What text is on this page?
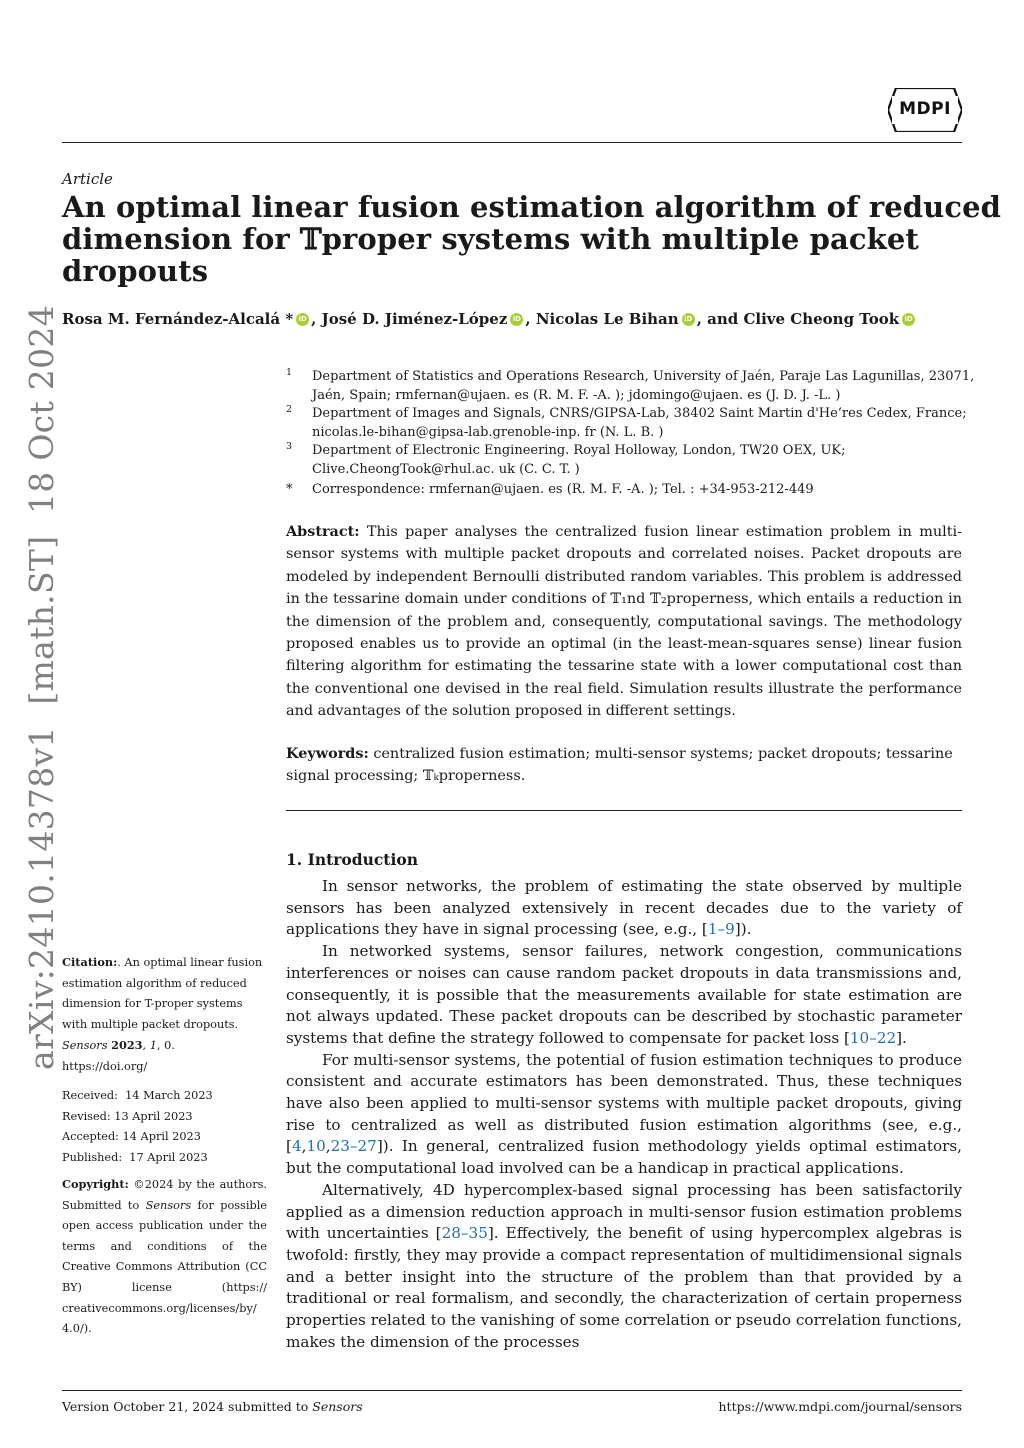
MDPI
Article
An optimal linear fusion estimation algorithm of reduced
dimension for 𝕋proper systems with multiple packet
dropouts
Rosa M. Fernández-Alcalá * iD , José D. Jiménez-López iD , Nicolas Le Bihan iD , and Clive Cheong Took iD
1 Department of Statistics and Operations Research, University of Jaén, Paraje Las Lagunillas, 23071,

Jaén, Spain; rmfernan@ujaen. es (R. M. F. -A. ); jdomingo@ujaen. es (J. D. J. -L. )

2 Department of Images and Signals, CNRS/GIPSA-Lab, 38402 Saint Martin d'He‘res Cedex, France;

nicolas.le-bihan@gipsa-lab.grenoble-inp. fr (N. L. B. )

3 Department of Electronic Engineering. Royal Holloway, London, TW20 OEX, UK;

Clive.CheongTook@rhul.ac. uk (C. C. T. )

* Correspondence: rmfernan@ujaen. es (R. M. F. -A. ); Tel. : +34-953-212-449

Abstract: This paper analyses the centralized fusion linear estimation problem in multi-sensor systems with multiple packet dropouts and correlated noises. Packet dropouts are modeled by independent Bernoulli distributed random variables. This problem is addressed in the tessarine domain under conditions of 𝕋₁nd 𝕋₂properness, which entails a reduction in the dimension of the problem and, consequently, computational savings. The methodology proposed enables us to provide an optimal (in the least-mean-squares sense) linear fusion filtering algorithm for estimating the tessarine state with a lower computational cost than the conventional one devised in the real field. Simulation results illustrate the performance and advantages of the solution proposed in different settings.

Keywords: centralized fusion estimation; multi-sensor systems; packet dropouts; tessarine signal processing; 𝕋ₖproperness.

1. Introduction

In sensor networks, the problem of estimating the state observed by multiple sensors has been analyzed extensively in recent decades due to the variety of applications they have in signal processing (see, e.g., [1–9]).

In networked systems, sensor failures, network congestion, communications interferences or noises can cause random packet dropouts in data transmissions and, consequently, it is possible that the measurements available for state estimation are not always updated. These packet dropouts can be described by stochastic parameter systems that define the strategy followed to compensate for packet loss [10–22].

For multi-sensor systems, the potential of fusion estimation techniques to produce consistent and accurate estimators has been demonstrated. Thus, these techniques have also been applied to multi-sensor systems with multiple packet dropouts, giving rise to centralized as well as distributed fusion estimation algorithms (see, e.g., [4,10,23–27]). In general, centralized fusion methodology yields optimal estimators, but the computational load involved can be a handicap in practical applications.

Alternatively, 4D hypercomplex-based signal processing has been satisfactorily applied as a dimension reduction approach in multi-sensor fusion estimation problems with uncertainties [28–35]. Effectively, the benefit of using hypercomplex algebras is twofold: firstly, they may provide a compact representation of multidimensional signals and a better insight into the structure of the problem than that provided by a traditional or real formalism, and secondly, the characterization of certain properness properties related to the vanishing of some correlation or pseudo correlation functions, makes the dimension of the processes

Citation:. An optimal linear fusion estimation algorithm of reduced dimension for T-proper systems with multiple packet dropouts. Sensors 2023, 1, 0.

https://doi.org/

Received:  14 March 2023

Revised: 13 April 2023

Accepted: 14 April 2023

Published:  17 April 2023

Copyright: ©2024 by the authors. Submitted to Sensors for possible open access publication under the terms and conditions of the Creative Commons Attribution (CC BY) license (https:// creativecommons.org/licenses/by/ 4.0/).

arXiv:2410.14378v1  [math.ST]  18 Oct 2024
Version October 21, 2024 submitted to Sensors	https://www.mdpi.com/journal/sensors
